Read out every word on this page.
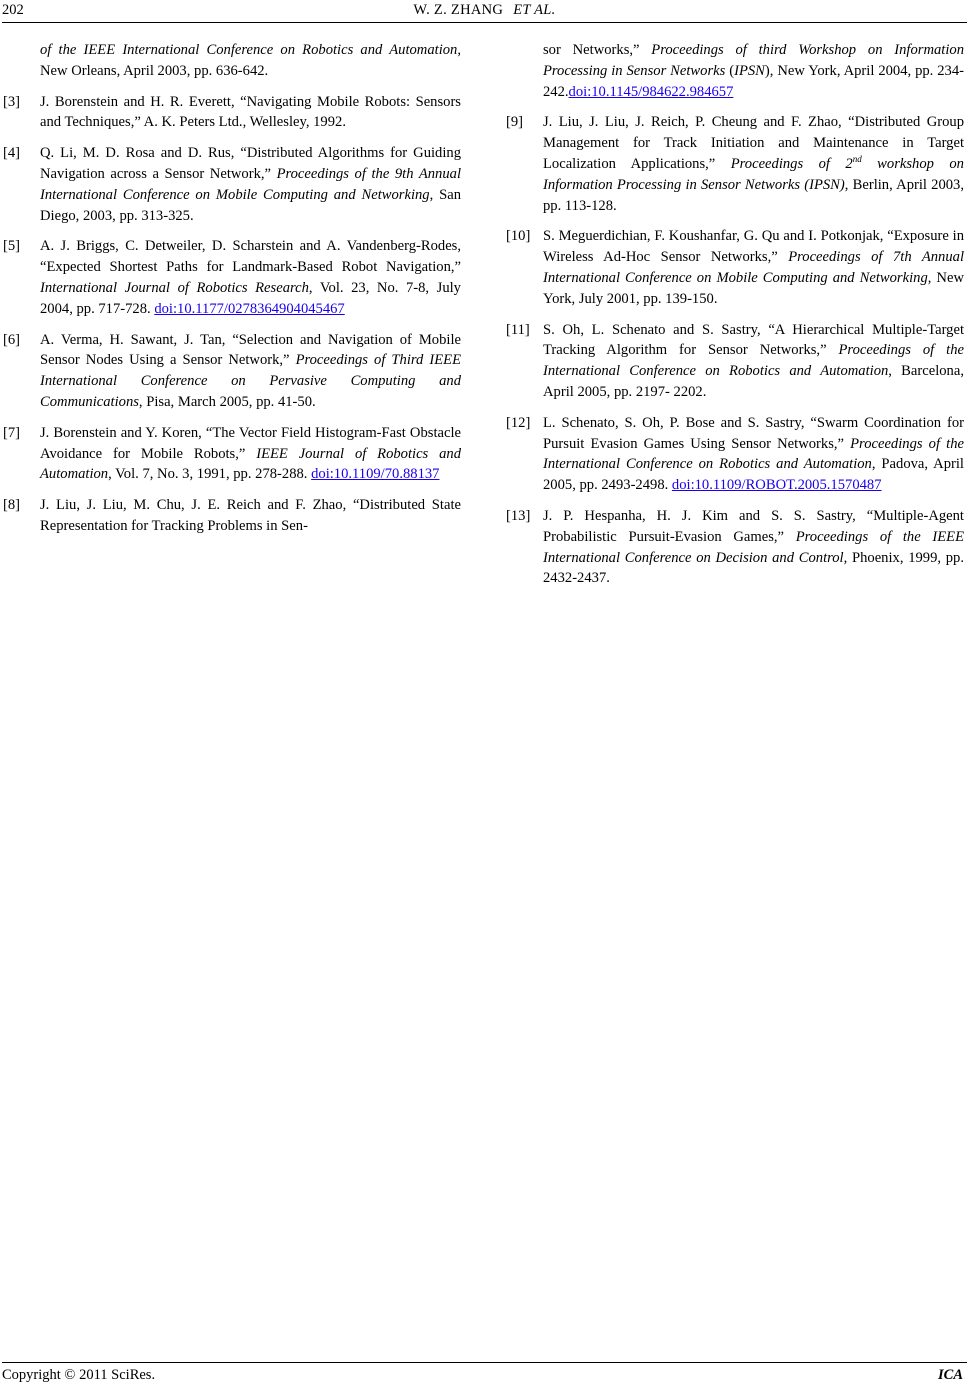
202	W. Z. ZHANG ET AL.

of the IEEE International Conference on Robotics and Automation, New Orleans, April 2003, pp. 636-642.

[3] J. Borenstein and H. R. Everett, “Navigating Mobile Robots: Sensors and Techniques,” A. K. Peters Ltd., Wellesley, 1992.

[4] Q. Li, M. D. Rosa and D. Rus, “Distributed Algorithms for Guiding Navigation across a Sensor Network,” Proceedings of the 9th Annual International Conference on Mobile Computing and Networking, San Diego, 2003, pp. 313-325.

[5] A. J. Briggs, C. Detweiler, D. Scharstein and A. Vandenberg-Rodes, “Expected Shortest Paths for Landmark-Based Robot Navigation,” International Journal of Robotics Research, Vol. 23, No. 7-8, July 2004, pp. 717-728. doi:10.1177/0278364904045467

[6] A. Verma, H. Sawant, J. Tan, “Selection and Navigation of Mobile Sensor Nodes Using a Sensor Network,” Proceedings of Third IEEE International Conference on Pervasive Computing and Communications, Pisa, March 2005, pp. 41-50.

[7] J. Borenstein and Y. Koren, “The Vector Field Histogram-Fast Obstacle Avoidance for Mobile Robots,” IEEE Journal of Robotics and Automation, Vol. 7, No. 3, 1991, pp. 278-288. doi:10.1109/70.88137

[8] J. Liu, J. Liu, M. Chu, J. E. Reich and F. Zhao, “Distributed State Representation for Tracking Problems in Sen-

sor Networks,” Proceedings of third Workshop on Information Processing in Sensor Networks (IPSN), New York, April 2004, pp. 234-242.doi:10.1145/984622.984657

[9] J. Liu, J. Liu, J. Reich, P. Cheung and F. Zhao, “Distributed Group Management for Track Initiation and Maintenance in Target Localization Applications,” Proceedings of 2nd workshop on Information Processing in Sensor Networks (IPSN), Berlin, April 2003, pp. 113-128.

[10] S. Meguerdichian, F. Koushanfar, G. Qu and I. Potkonjak, “Exposure in Wireless Ad-Hoc Sensor Networks,” Proceedings of 7th Annual International Conference on Mobile Computing and Networking, New York, July 2001, pp. 139-150.

[11] S. Oh, L. Schenato and S. Sastry, “A Hierarchical Multiple-Target Tracking Algorithm for Sensor Networks,” Proceedings of the International Conference on Robotics and Automation, Barcelona, April 2005, pp. 2197- 2202.

[12] L. Schenato, S. Oh, P. Bose and S. Sastry, “Swarm Coordination for Pursuit Evasion Games Using Sensor Networks,” Proceedings of the International Conference on Robotics and Automation, Padova, April 2005, pp. 2493-2498. doi:10.1109/ROBOT.2005.1570487

[13] J. P. Hespanha, H. J. Kim and S. S. Sastry, “Multiple-Agent Probabilistic Pursuit-Evasion Games,” Proceedings of the IEEE International Conference on Decision and Control, Phoenix, 1999, pp. 2432-2437.

Copyright © 2011 SciRes.	ICA
